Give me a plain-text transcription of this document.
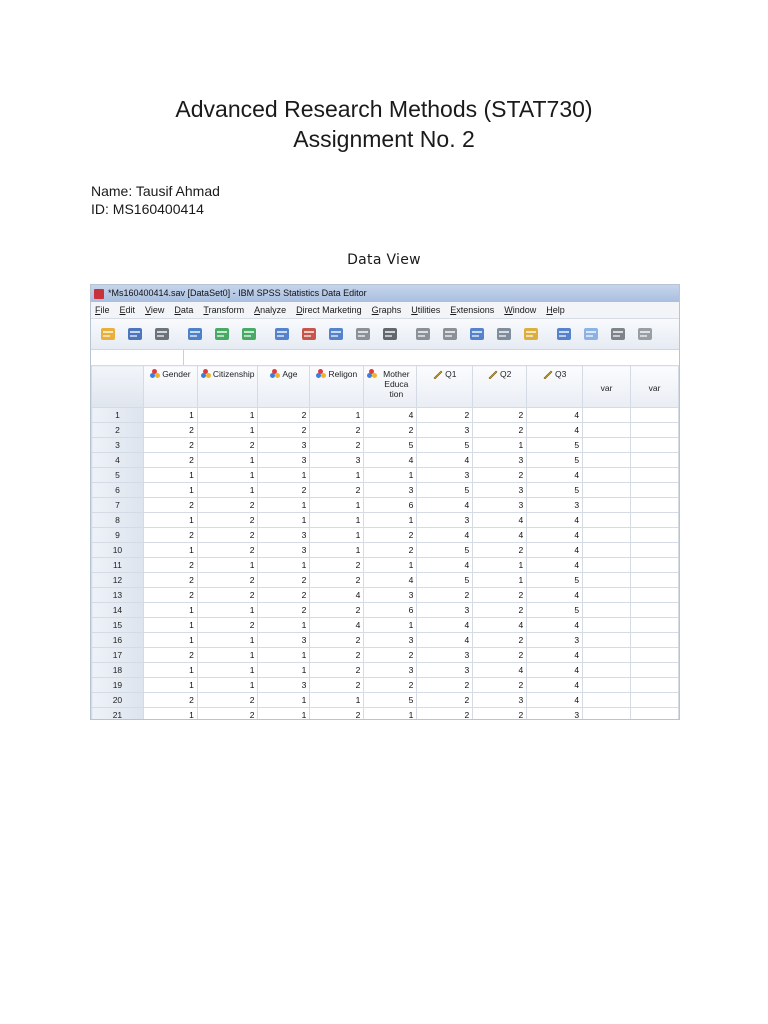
Advanced Research Methods (STAT730)
Assignment No. 2
Name: Tausif Ahmad
ID: MS160400414
Data View
*Ms160400414.sav [DataSet0] - IBM SPSS Statistics Data Editor
File Edit View Data Transform Analyze Direct Marketing Graphs Utilities Extensions Window Help

	Gender	Citizenship	Age	Religon	Mother Educa tion	Q1	Q2	Q3	var	var
1	1	1	2	1	4	2	2	4		
2	2	1	2	2	2	3	2	4		
3	2	2	3	2	5	5	1	5		
4	2	1	3	3	4	4	3	5		
5	1	1	1	1	1	3	2	4		
6	1	1	2	2	3	5	3	5		
7	2	2	1	1	6	4	3	3		
8	1	2	1	1	1	3	4	4		
9	2	2	3	1	2	4	4	4		
10	1	2	3	1	2	5	2	4		
11	2	1	1	2	1	4	1	4		
12	2	2	2	2	4	5	1	5		
13	2	2	2	4	3	2	2	4		
14	1	1	2	2	6	3	2	5		
15	1	2	1	4	1	4	4	4		
16	1	1	3	2	3	4	2	3		
17	2	1	1	2	2	3	2	4		
18	1	1	1	2	3	3	4	4		
19	1	1	3	2	2	2	2	4		
20	2	2	1	1	5	2	3	4		
21	1	2	1	2	1	2	2	3		
